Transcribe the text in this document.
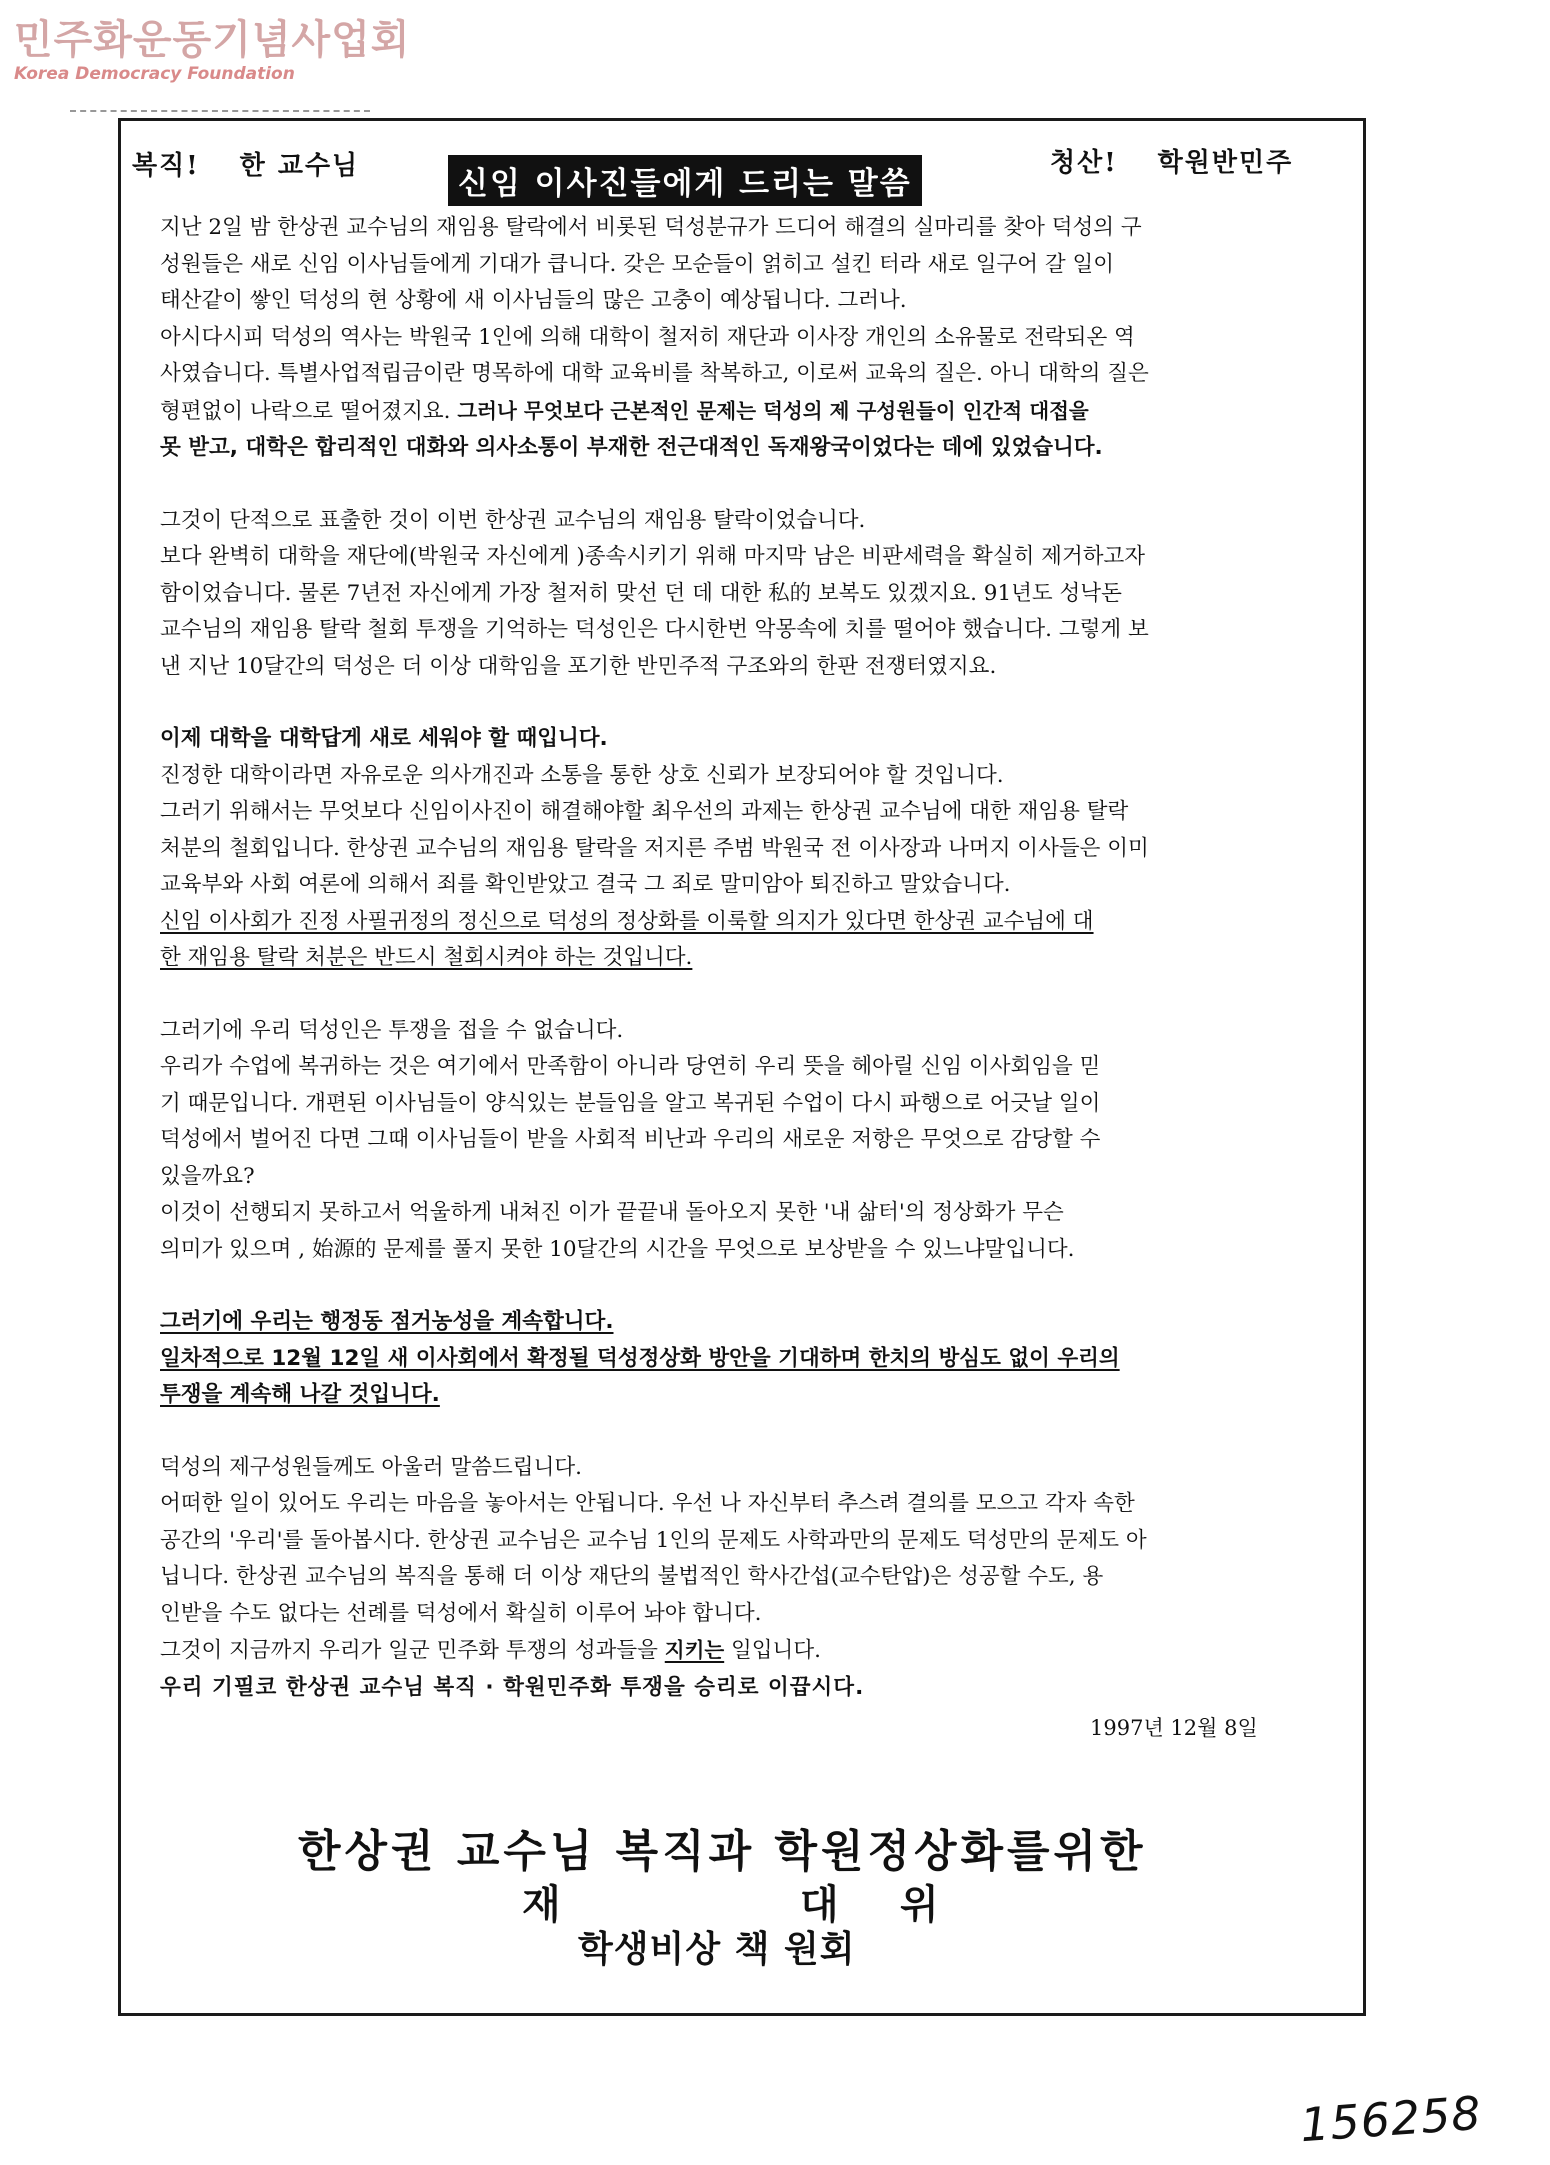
민주화운동기념사업회
Korea Democracy Foundation
복직! 한 교수님	신임 이사진들에게 드리는 말씀
청산! 학원반민주

지난 2일 밤 한상권 교수님의 재임용 탈락에서 비롯된 덕성분규가 드디어 해결의 실마리를 찾아 덕성의 구

성원들은 새로 신임 이사님들에게 기대가 큽니다. 갖은 모순들이 얽히고 설킨 터라 새로 일구어 갈 일이

태산같이 쌓인 덕성의 현 상황에 새 이사님들의 많은 고충이 예상됩니다. 그러나.

아시다시피 덕성의 역사는 박원국 1인에 의해 대학이 철저히 재단과 이사장 개인의 소유물로 전락되온 역

사였습니다. 특별사업적립금이란 명목하에 대학 교육비를 착복하고, 이로써 교육의 질은. 아니 대학의 질은

형편없이 나락으로 떨어졌지요. 그러나 무엇보다 근본적인 문제는 덕성의 제 구성원들이 인간적 대접을

못 받고, 대학은 합리적인 대화와 의사소통이 부재한 전근대적인 독재왕국이었다는 데에 있었습니다.

그것이 단적으로 표출한 것이 이번 한상권 교수님의 재임용 탈락이었습니다.

보다 완벽히 대학을 재단에(박원국 자신에게 )종속시키기 위해 마지막 남은 비판세력을 확실히 제거하고자

함이었습니다. 물론 7년전 자신에게 가장 철저히 맞선 던 데 대한 私的 보복도 있겠지요. 91년도 성낙돈

교수님의 재임용 탈락 철회 투쟁을 기억하는 덕성인은 다시한번 악몽속에 치를 떨어야 했습니다. 그렇게 보

낸 지난 10달간의 덕성은 더 이상 대학임을 포기한 반민주적 구조와의 한판 전쟁터였지요.

이제 대학을 대학답게 새로 세워야 할 때입니다.

진정한 대학이라면 자유로운 의사개진과 소통을 통한 상호 신뢰가 보장되어야 할 것입니다.

그러기 위해서는 무엇보다 신임이사진이 해결해야할 최우선의 과제는 한상권 교수님에 대한 재임용 탈락

처분의 철회입니다. 한상권 교수님의 재임용 탈락을 저지른 주범 박원국 전 이사장과 나머지 이사들은 이미

교육부와 사회 여론에 의해서 죄를 확인받았고 결국 그 죄로 말미암아 퇴진하고 말았습니다.

신임 이사회가 진정 사필귀정의 정신으로 덕성의 정상화를 이룩할 의지가 있다면 한상권 교수님에 대

한 재임용 탈락 처분은 반드시 철회시켜야 하는 것입니다.

그러기에 우리 덕성인은 투쟁을 접을 수 없습니다.

우리가 수업에 복귀하는 것은 여기에서 만족함이 아니라 당연히 우리 뜻을 헤아릴 신임 이사회임을 믿

기 때문입니다. 개편된 이사님들이 양식있는 분들임을 알고 복귀된 수업이 다시 파행으로 어긋날 일이

덕성에서 벌어진 다면 그때 이사님들이 받을 사회적 비난과 우리의 새로운 저항은 무엇으로 감당할 수

있을까요?

이것이 선행되지 못하고서 억울하게 내쳐진 이가 끝끝내 돌아오지 못한 '내 삶터'의 정상화가 무슨

의미가 있으며 , 始源的 문제를 풀지 못한 10달간의 시간을 무엇으로 보상받을 수 있느냐말입니다.

그러기에 우리는 행정동 점거농성을 계속합니다.

일차적으로 12월 12일 새 이사회에서 확정될 덕성정상화 방안을 기대하며 한치의 방심도 없이 우리의

투쟁을 계속해 나갈 것입니다.

덕성의 제구성원들께도 아울러 말씀드립니다.

어떠한 일이 있어도 우리는 마음을 놓아서는 안됩니다. 우선 나 자신부터 추스려 결의를 모으고 각자 속한

공간의 '우리'를 돌아봅시다. 한상권 교수님은 교수님 1인의 문제도 사학과만의 문제도 덕성만의 문제도 아

닙니다. 한상권 교수님의 복직을 통해 더 이상 재단의 불법적인 학사간섭(교수탄압)은 성공할 수도, 용

인받을 수도 없다는 선례를 덕성에서 확실히 이루어 놔야 합니다.

그것이 지금까지 우리가 일군 민주화 투쟁의 성과들을 지키는 일입니다.

우리 기필코 한상권 교수님 복직 · 학원민주화 투쟁을 승리로 이끕시다.

1997년 12월 8일
한상권 교수님 복직과 학원정상화를위한
재	대 위
학생비상 책 원회
156258
